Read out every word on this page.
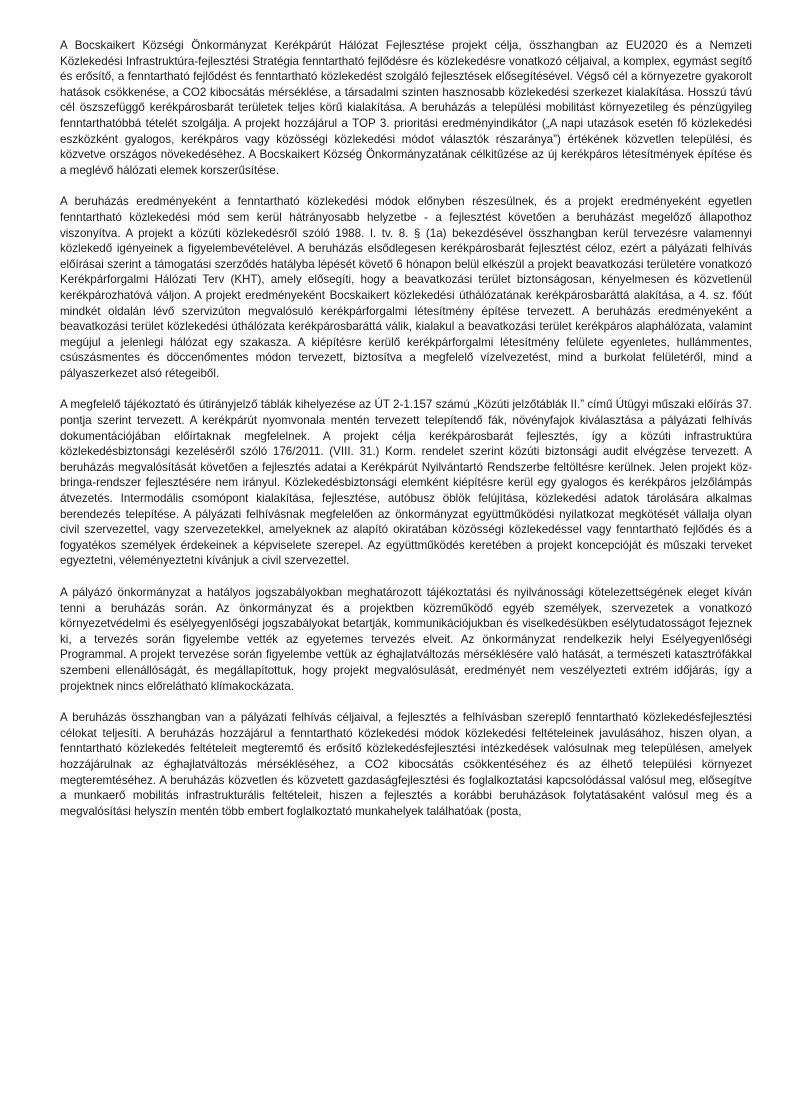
A Bocskaikert Községi Önkormányzat Kerékpárút Hálózat Fejlesztése projekt célja, összhangban az EU2020 és a Nemzeti Közlekedési Infrastruktúra-fejlesztési Stratégia fenntartható fejlődésre és közlekedésre vonatkozó céljaival, a komplex, egymást segítő és erősítő, a fenntartható fejlődést és fenntartható közlekedést szolgáló fejlesztések elősegítésével. Végső cél a környezetre gyakorolt hatások csökkenése, a CO2 kibocsátás mérséklése, a társadalmi szinten hasznosabb közlekedési szerkezet kialakítása. Hosszú távú cél öszszefüggő kerékpárosbarát területek teljes körű kialakítása. A beruházás a települési mobilitást környezetileg és pénzügyileg fenntarthatóbbá tételét szolgálja. A projekt hozzájárul a TOP 3. prioritási eredményindikátor („A napi utazások esetén fő közlekedési eszközként gyalogos, kerékpáros vagy közösségi közlekedési módot választók részaránya”) értékének közvetlen települési, és közvetve országos növekedéséhez. A Bocskaikert Község Önkormányzatának célkitűzése az új kerékpáros létesítmények építése és a meglévő hálózati elemek korszerűsítése.

A beruházás eredményeként a fenntartható közlekedési módok előnyben részesülnek, és a projekt eredményeként egyetlen fenntartható közlekedési mód sem kerül hátrányosabb helyzetbe - a fejlesztést követően a beruházást megelőző állapothoz viszonyítva. A projekt a közúti közlekedésről szóló 1988. I. tv. 8. § (1a) bekezdésével összhangban kerül tervezésre valamennyi közlekedő igényeinek a figyelembevételével. A beruházás elsődlegesen kerékpárosbarát fejlesztést céloz, ezért a pályázati felhívás előírásai szerint a támogatási szerződés hatályba lépését követő 6 hónapon belül elkészül a projekt beavatkozási területére vonatkozó Kerékpárforgalmi Hálózati Terv (KHT), amely elősegíti, hogy a beavatkozási terület biztonságosan, kényelmesen és közvetlenül kerékpározhatóvá váljon. A projekt eredményeként Bocskaikert közlekedési úthálózatának kerékpárosbaráttá alakítása, a 4. sz. főút mindkét oldalán lévő szervizúton megvalósuló kerékpárforgalmi létesítmény építése tervezett. A beruházás eredményeként a beavatkozási terület közlekedési úthálózata kerékpárosbaráttá válik, kialakul a beavatkozási terület kerékpáros alaphálózata, valamint megújul a jelenlegi hálózat egy szakasza. A kiépítésre kerülő kerékpárforgalmi létesítmény felülete egyenletes, hullámmentes, csúszásmentes és döccenőmentes módon tervezett, biztosítva a megfelelő vízelvezetést, mind a burkolat felületéről, mind a pályaszerkezet alsó rétegeiből.

A megfelelő tájékoztató és útirányjelző táblák kihelyezése az ÚT 2-1.157 számú „Közúti jelzőtáblák II.” című Útügyi műszaki előírás 37. pontja szerint tervezett. A kerékpárút nyomvonala mentén tervezett telepítendő fák, növényfajok kiválasztása a pályázati felhívás dokumentációjában előírtaknak megfelelnek. A projekt célja kerékpárosbarát fejlesztés, így a közúti infrastruktúra közlekedésbiztonsági kezeléséről szóló 176/2011. (VIII. 31.) Korm. rendelet szerint közúti biztonsági audit elvégzése tervezett. A beruházás megvalósítását követően a fejlesztés adatai a Kerékpárút Nyilvántartó Rendszerbe feltöltésre kerülnek. Jelen projekt közbringa-rendszer fejlesztésére nem irányul. Közlekedésbiztonsági elemként kiépítésre kerül egy gyalogos és kerékpáros jelzőlámpás átvezetés. Intermodális csomópont kialakítása, fejlesztése, autóbusz öblök felújítása, közlekedési adatok tárolására alkalmas berendezés telepítése. A pályázati felhívásnak megfelelően az önkormányzat együttműködési nyilatkozat megkötését vállalja olyan civil szervezettel, vagy szervezetekkel, amelyeknek az alapító okiratában közösségi közlekedéssel vagy fenntartható fejlődés és a fogyatékos személyek érdekeinek a képviselete szerepel. Az együttműködés keretében a projekt koncepcióját és műszaki terveket egyeztetni, véleményeztetni kívánjuk a civil szervezettel.

A pályázó önkormányzat a hatályos jogszabályokban meghatározott tájékoztatási és nyilvánossági kötelezettségének eleget kíván tenni a beruházás során. Az önkormányzat és a projektben közreműködő egyéb személyek, szervezetek a vonatkozó környezetvédelmi és esélyegyenlőségi jogszabályokat betartják, kommunikációjukban és viselkedésükben esélytudatosságot fejeznek ki, a tervezés során figyelembe vették az egyetemes tervezés elveit. Az önkormányzat rendelkezik helyi Esélyegyenlőségi Programmal. A projekt tervezése során figyelembe vettük az éghajlatváltozás mérséklésére való hatását, a természeti katasztrófákkal szembeni ellenállóságát, és megállapítottuk, hogy projekt megvalósulását, eredményét nem veszélyezteti extrém időjárás, így a projektnek nincs előrelátható klímakockázata.

A beruházás összhangban van a pályázati felhívás céljaival, a fejlesztés a felhívásban szereplő fenntartható közlekedésfejlesztési célokat teljesíti. A beruházás hozzájárul a fenntartható közlekedési módok közlekedési feltételeinek javulásához, hiszen olyan, a fenntartható közlekedés feltételeit megteremtő és erősítő közlekedésfejlesztési intézkedések valósulnak meg településen, amelyek hozzájárulnak az éghajlatváltozás mérsékléséhez, a CO2 kibocsátás csökkentéséhez és az élhető települési környezet megteremtéséhez. A beruházás közvetlen és közvetett gazdaságfejlesztési és foglalkoztatási kapcsolódással valósul meg, elősegítve a munkaerő mobilitás infrastrukturális feltételeit, hiszen a fejlesztés a korábbi beruházások folytatásaként valósul meg és a megvalósítási helyszín mentén több embert foglalkoztató munkahelyek találhatóak (posta,
